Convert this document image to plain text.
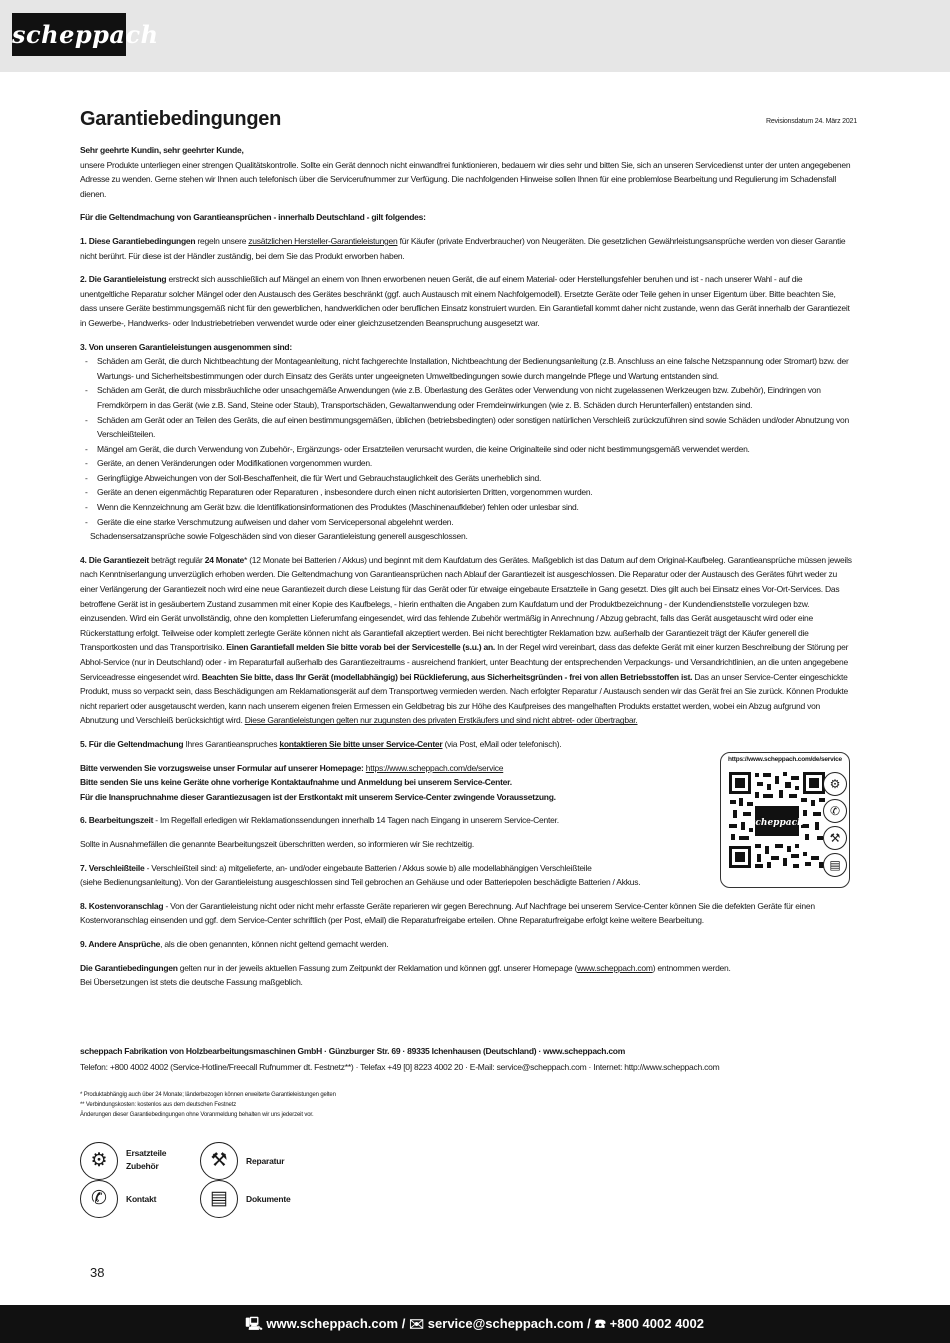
scheppach
Garantiebedingungen	Revisionsdatum 24. März 2021

Sehr geehrte Kundin, sehr geehrter Kunde,

unsere Produkte unterliegen einer strengen Qualitätskontrolle. Sollte ein Gerät dennoch nicht einwandfrei funktionieren, bedauern wir dies sehr und bitten Sie, sich an unseren Servicedienst unter der unten angegebenen Adresse zu wenden. Gerne stehen wir Ihnen auch telefonisch über die Servicerufnummer zur Verfügung. Die nachfolgenden Hinweise sollen Ihnen für eine problemlose Bearbeitung und Regulierung im Schadensfall dienen.

Für die Geltendmachung von Garantieansprüchen - innerhalb Deutschland - gilt folgendes:

1. Diese Garantiebedingungen regeln unsere zusätzlichen Hersteller-Garantieleistungen für Käufer (private Endverbraucher) von Neugeräten. Die gesetzlichen Gewährleistungsansprüche werden von dieser Garantie nicht berührt. Für diese ist der Händler zuständig, bei dem Sie das Produkt erworben haben.

2. Die Garantieleistung erstreckt sich ausschließlich auf Mängel an einem von Ihnen erworbenen neuen Gerät, die auf einem Material- oder Herstellungsfehler beruhen und ist - nach unserer Wahl - auf die unentgeltliche Reparatur solcher Mängel oder den Austausch des Gerätes beschränkt (ggf. auch Austausch mit einem Nachfolgemodell). Ersetzte Geräte oder Teile gehen in unser Eigentum über. Bitte beachten Sie, dass unsere Geräte bestimmungsgemäß nicht für den gewerblichen, handwerklichen oder beruflichen Einsatz konstruiert wurden. Ein Garantiefall kommt daher nicht zustande, wenn das Gerät innerhalb der Garantiezeit in Gewerbe-, Handwerks- oder Industriebetrieben verwendet wurde oder einer gleichzusetzenden Beanspruchung ausgesetzt war.

3. Von unseren Garantieleistungen ausgenommen sind:

- Schäden am Gerät, die durch Nichtbeachtung der Montageanleitung, nicht fachgerechte Installation, Nichtbeachtung der Bedienungsanleitung (z.B. Anschluss an eine falsche Netzspannung oder Stromart) bzw. der Wartungs- und Sicherheitsbestimmungen oder durch Einsatz des Geräts unter ungeeigneten Umweltbedingungen sowie durch mangelnde Pflege und Wartung entstanden sind.
- Schäden am Gerät, die durch missbräuchliche oder unsachgemäße Anwendungen (wie z.B. Überlastung des Gerätes oder Verwendung von nicht zugelassenen Werkzeugen bzw. Zubehör), Eindringen von Fremdkörpern in das Gerät (wie z.B. Sand, Steine oder Staub), Transportschäden, Gewaltanwendung oder Fremdeinwirkungen (wie z. B. Schäden durch Herunterfallen) entstanden sind.
- Schäden am Gerät oder an Teilen des Geräts, die auf einen bestimmungsgemäßen, üblichen (betriebsbedingten) oder sonstigen natürlichen Verschleiß zurückzuführen sind sowie Schäden und/oder Abnutzung von Verschleißteilen.
- Mängel am Gerät, die durch Verwendung von Zubehör-, Ergänzungs- oder Ersatzteilen verursacht wurden, die keine Originalteile sind oder nicht bestimmungsgemäß verwendet werden.
- Geräte, an denen Veränderungen oder Modifikationen vorgenommen wurden.
- Geringfügige Abweichungen von der Soll-Beschaffenheit, die für Wert und Gebrauchstauglichkeit des Geräts unerheblich sind.
- Geräte an denen eigenmächtig Reparaturen oder Reparaturen , insbesondere durch einen nicht autorisierten Dritten, vorgenommen wurden.
- Wenn die Kennzeichnung am Gerät bzw. die Identifikationsinformationen des Produktes (Maschinenaufkleber) fehlen oder unlesbar sind.
- Geräte die eine starke Verschmutzung aufweisen und daher vom Servicepersonal abgelehnt werden.

Schadensersatzansprüche sowie Folgeschäden sind von dieser Garantieleistung generell ausgeschlossen.

4. Die Garantiezeit beträgt regulär 24 Monate* (12 Monate bei Batterien / Akkus) und beginnt mit dem Kaufdatum des Gerätes. Maßgeblich ist das Datum auf dem Original-Kaufbeleg. Garantieansprüche müssen jeweils nach Kenntniserlangung unverzüglich erhoben werden. Die Geltendmachung von Garantieansprüchen nach Ablauf der Garantiezeit ist ausgeschlossen. Die Reparatur oder der Austausch des Gerätes führt weder zu einer Verlängerung der Garantiezeit noch wird eine neue Garantiezeit durch diese Leistung für das Gerät oder für etwaige eingebaute Ersatzteile in Gang gesetzt. Dies gilt auch bei Einsatz eines Vor-Ort-Services. Das betroffene Gerät ist in gesäubertem Zustand zusammen mit einer Kopie des Kaufbelegs, - hierin enthalten die Angaben zum Kaufdatum und der Produktbezeichnung - der Kundendienststelle vorzulegen bzw. einzusenden. Wird ein Gerät unvollständig, ohne den kompletten Lieferumfang eingesendet, wird das fehlende Zubehör wertmäßig in Anrechnung / Abzug gebracht, falls das Gerät ausgetauscht wird oder eine Rückerstattung erfolgt. Teilweise oder komplett zerlegte Geräte können nicht als Garantiefall akzeptiert werden. Bei nicht berechtigter Reklamation bzw. außerhalb der Garantiezeit trägt der Käufer generell die Transportkosten und das Transportrisiko. Einen Garantiefall melden Sie bitte vorab bei der Servicestelle (s.u.) an. In der Regel wird vereinbart, dass das defekte Gerät mit einer kurzen Beschreibung der Störung per Abhol-Service (nur in Deutschland) oder - im Reparaturfall außerhalb des Garantiezeitraums - ausreichend frankiert, unter Beachtung der entsprechenden Verpackungs- und Versandrichtlinien, an die unten angegebene Serviceadresse eingesendet wird. Beachten Sie bitte, dass Ihr Gerät (modellabhängig) bei Rücklieferung, aus Sicherheitsgründen - frei von allen Betriebsstoffen ist. Das an unser Service-Center eingeschickte Produkt, muss so verpackt sein, dass Beschädigungen am Reklamationsgerät auf dem Transportweg vermieden werden. Nach erfolgter Reparatur / Austausch senden wir das Gerät frei an Sie zurück. Können Produkte nicht repariert oder ausgetauscht werden, kann nach unserem eigenen freien Ermessen ein Geldbetrag bis zur Höhe des Kaufpreises des mangelhaften Produkts erstattet werden, wobei ein Abzug aufgrund von Abnutzung und Verschleiß berücksichtigt wird. Diese Garantieleistungen gelten nur zugunsten des privaten Erstkäufers und sind nicht abtret- oder übertragbar.

5. Für die Geltendmachung Ihres Garantieanspruches kontaktieren Sie bitte unser Service-Center (via Post, eMail oder telefonisch).

Bitte verwenden Sie vorzugsweise unser Formular auf unserer Homepage: https://www.scheppach.com/de/service

Bitte senden Sie uns keine Geräte ohne vorherige Kontaktaufnahme und Anmeldung bei unserem Service-Center.

Für die Inanspruchnahme dieser Garantiezusagen ist der Erstkontakt mit unserem Service-Center zwingende Voraussetzung.

6. Bearbeitungszeit - Im Regelfall erledigen wir Reklamationssendungen innerhalb 14 Tagen nach Eingang in unserem Service-Center.

Sollte in Ausnahmefällen die genannte Bearbeitungszeit überschritten werden, so informieren wir Sie rechtzeitig.

7. Verschleißteile - Verschleißteil sind: a) mitgelieferte, an- und/oder eingebaute Batterien / Akkus sowie b) alle modellabhängigen Verschleißteile
(siehe Bedienungsanleitung). Von der Garantieleistung ausgeschlossen sind Teil gebrochen an Gehäuse und oder Batteriepolen beschädigte Batterien / Akkus.

8. Kostenvoranschlag - Von der Garantieleistung nicht oder nicht mehr erfasste Geräte reparieren wir gegen Berechnung. Auf Nachfrage bei unserem Service-Center können Sie die defekten Geräte für einen Kostenvoranschlag einsenden und ggf. dem Service-Center schriftlich (per Post, eMail) die Reparaturfreigabe erteilen. Ohne Reparaturfreigabe erfolgt keine weitere Bearbeitung.

9. Andere Ansprüche, als die oben genannten, können nicht geltend gemacht werden.

Die Garantiebedingungen gelten nur in der jeweils aktuellen Fassung zum Zeitpunkt der Reklamation und können ggf. unserer Homepage (www.scheppach.com) entnommen werden.

Bei Übersetzungen ist stets die deutsche Fassung maßgeblich.

https://www.scheppach.com/de/service
scheppach
⚙
✆
⚒
▤
scheppach Fabrikation von Holzbearbeitungsmaschinen GmbH · Günzburger Str. 69 · 89335 Ichenhausen (Deutschland) · www.scheppach.com
Telefon: +800 4002 4002 (Service-Hotline/Freecall Rufnummer dt. Festnetz**) · Telefax +49 [0] 8223 4002 20 · E-Mail: service@scheppach.com · Internet: http://www.scheppach.com
* Produktabhängig auch über 24 Monate; länderbezogen können erweiterte Garantieleistungen gelten
** Verbindungskosten: kostenlos aus dem deutschen Festnetz
Änderungen dieser Garantiebedingungen ohne Voranmeldung behalten wir uns jederzeit vor.
⚙	Ersatzteile
Zubehör	⚒	Reparatur
✆	Kontakt	▤	Dokumente
38
🖳 www.scheppach.com / ✉ service@scheppach.com / ☎ +800 4002 4002
